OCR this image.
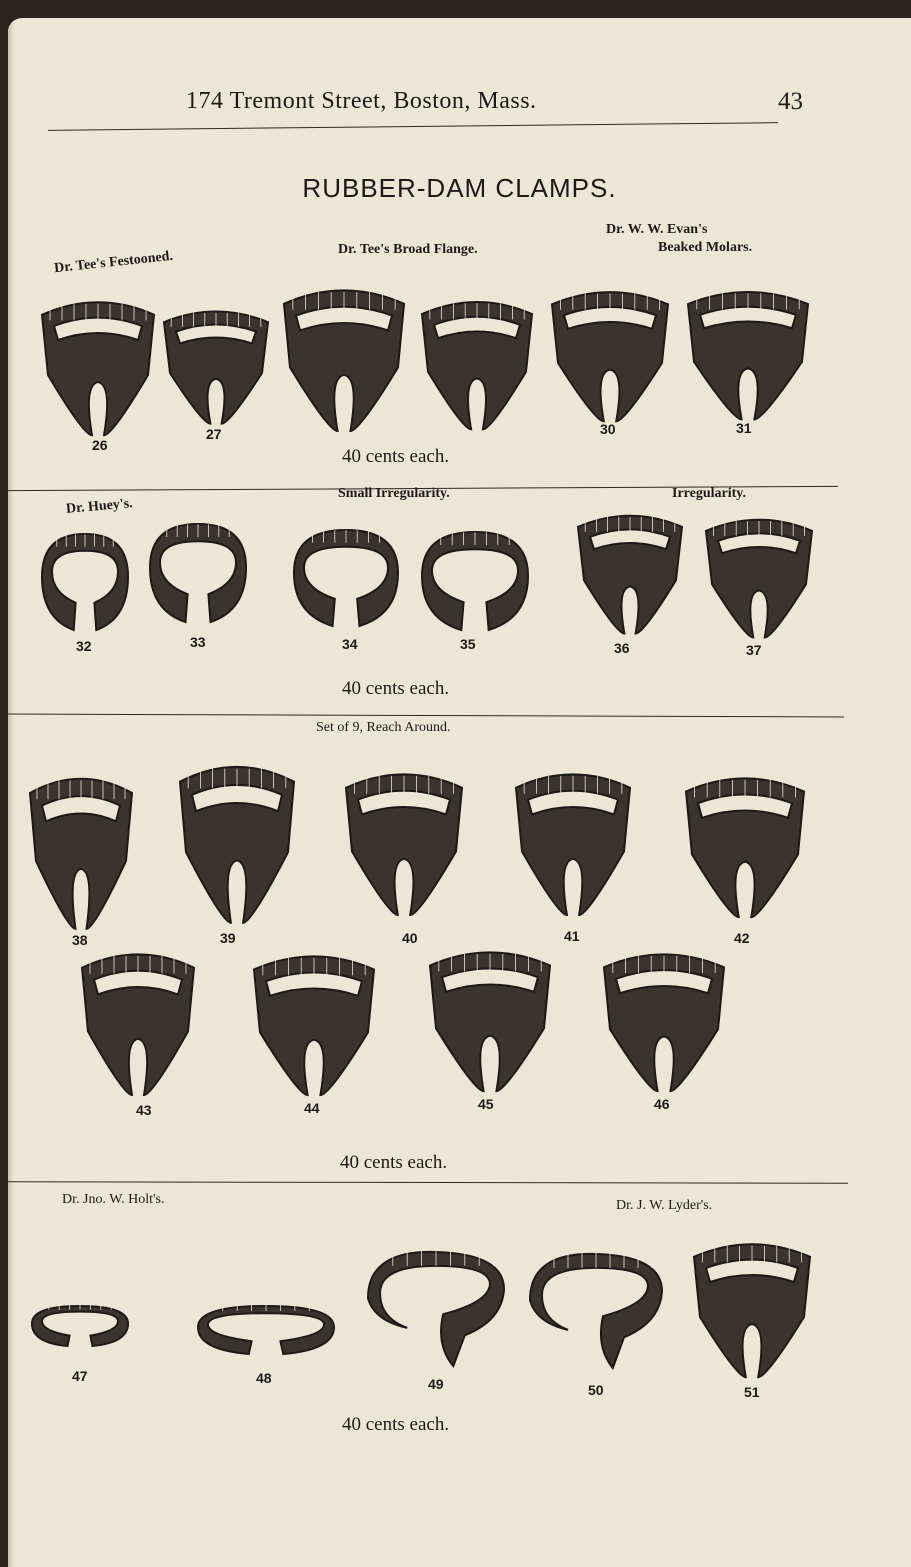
174 Tremont Street, Boston, Mass.	43
RUBBER-DAM CLAMPS.
Dr. Tee's Festooned.	Dr. Tee's Broad Flange.
Dr. W. W. Evan's
Beaked Molars.
26
27	30	31
40 cents each.
Dr. Huey's.
Small Irregularity.	Irregularity.
32	33	34	35	36	37
40 cents each.
Set of 9, Reach Around.
38	39	40	41	42
43	44	45	46
40 cents each.
Dr. Jno. W. Holt's.	Dr. J. W. Lyder's.
47	48	49	50	51
40 cents each.
